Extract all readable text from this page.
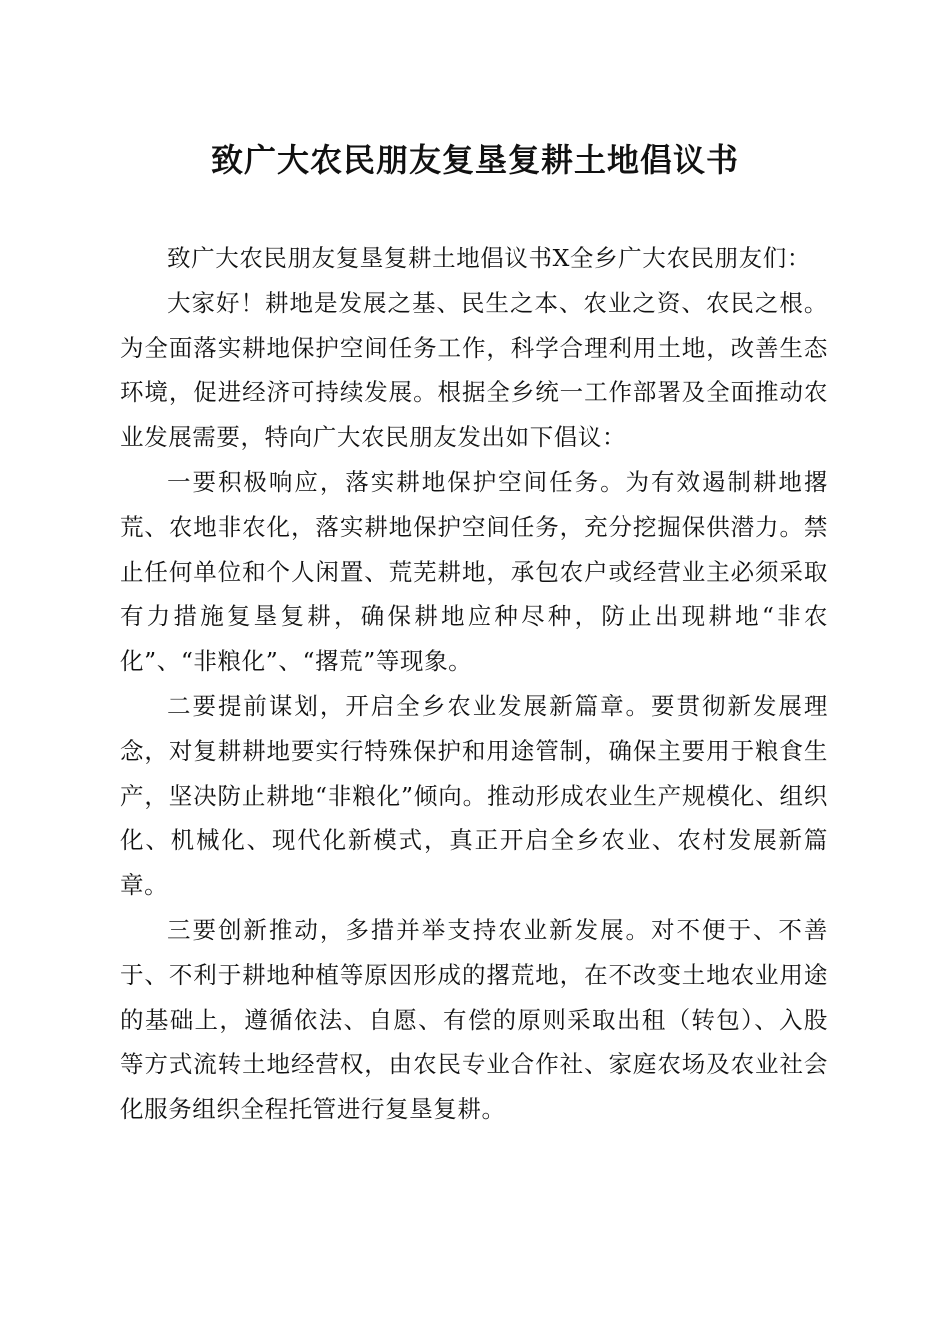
致广大农民朋友复垦复耕土地倡议书

致广大农民朋友复垦复耕土地倡议书X全乡广大农民朋友们：

大家好！耕地是发展之基、民生之本、农业之资、农民之根。为全面落实耕地保护空间任务工作，科学合理利用土地，改善生态环境，促进经济可持续发展。根据全乡统一工作部署及全面推动农业发展需要，特向广大农民朋友发出如下倡议：

一要积极响应，落实耕地保护空间任务。为有效遏制耕地撂荒、农地非农化，落实耕地保护空间任务，充分挖掘保供潜力。禁止任何单位和个人闲置、荒芜耕地，承包农户或经营业主必须采取有力措施复垦复耕，确保耕地应种尽种，防止出现耕地“非农化”、“非粮化”、“撂荒”等现象。

二要提前谋划，开启全乡农业发展新篇章。要贯彻新发展理念，对复耕耕地要实行特殊保护和用途管制，确保主要用于粮食生产，坚决防止耕地“非粮化”倾向。推动形成农业生产规模化、组织化、机械化、现代化新模式，真正开启全乡农业、农村发展新篇章。

三要创新推动，多措并举支持农业新发展。对不便于、不善于、不利于耕地种植等原因形成的撂荒地，在不改变土地农业用途的基础上，遵循依法、自愿、有偿的原则采取出租（转包）、入股等方式流转土地经营权，由农民专业合作社、家庭农场及农业社会化服务组织全程托管进行复垦复耕。
